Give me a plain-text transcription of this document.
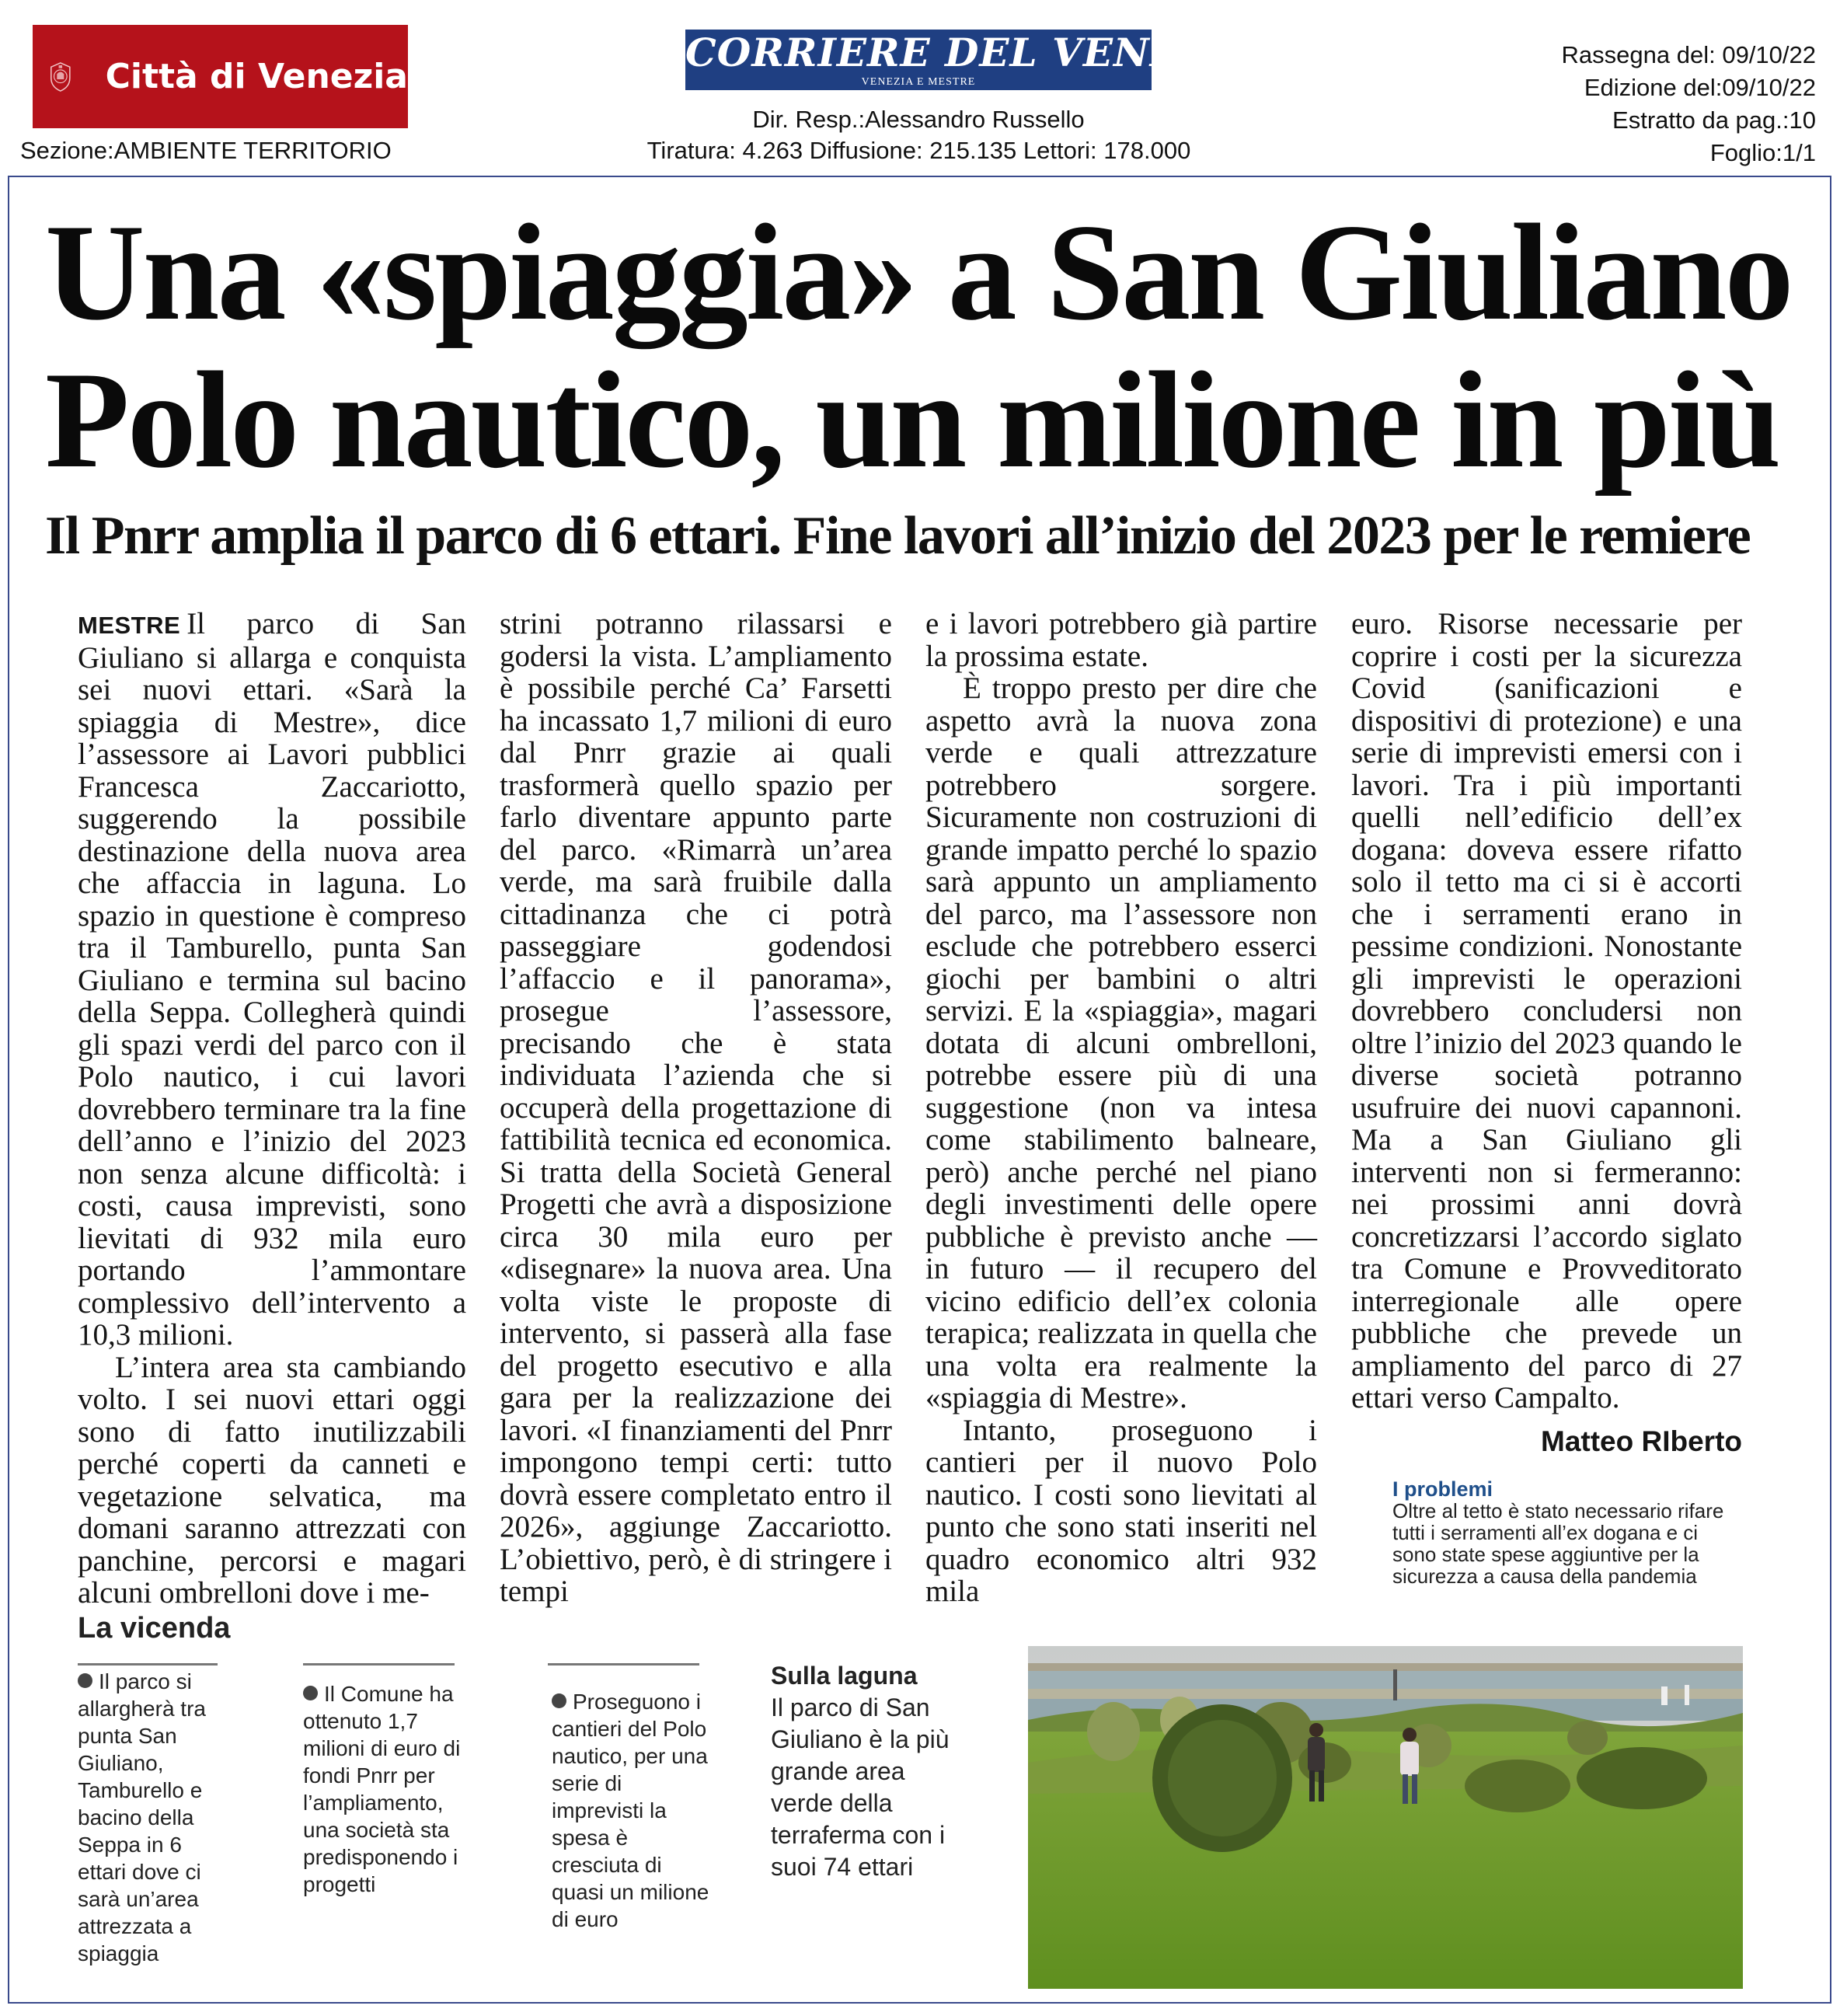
Città di Venezia
Sezione:AMBIENTE TERRITORIO
CORRIERE DEL VENETO
VENEZIA E MESTRE
Dir. Resp.:Alessandro Russello
Tiratura: 4.263 Diffusione: 215.135 Lettori: 178.000
Rassegna del: 09/10/22
Edizione del:09/10/22
Estratto da pag.:10
Foglio:1/1
Una «spiaggia» a San Giuliano
Polo nautico, un milione in più
Il Pnrr amplia il parco di 6 ettari. Fine lavori all’inizio del 2023 per le remiere

MESTRE Il parco di San Giuliano si allarga e conquista sei nuovi ettari. «Sarà la spiaggia di Mestre», dice l’assessore ai Lavori pubblici Francesca Zaccariotto, suggerendo la possibile destinazione della nuova area che affaccia in laguna. Lo spazio in questione è compreso tra il Tamburello, punta San Giuliano e termina sul bacino della Seppa. Collegherà quindi gli spazi verdi del parco con il Polo nautico, i cui lavori dovrebbero terminare tra la fine dell’anno e l’inizio del 2023 non senza alcune difficoltà: i costi, causa imprevisti, sono lievitati di 932 mila euro portando l’ammontare complessivo dell’intervento a 10,3 milioni.

L’intera area sta cambiando volto. I sei nuovi ettari oggi sono di fatto inutilizzabili perché coperti da canneti e vegetazione selvatica, ma domani saranno attrezzati con panchine, percorsi e magari alcuni ombrelloni dove i me-

strini potranno rilassarsi e godersi la vista. L’ampliamento è possibile perché Ca’ Farsetti ha incassato 1,7 milioni di euro dal Pnrr grazie ai quali trasformerà quello spazio per farlo diventare appunto parte del parco. «Rimarrà un’area verde, ma sarà fruibile dalla cittadinanza che ci potrà passeggiare godendosi l’affaccio e il panorama», prosegue l’assessore, precisando che è stata individuata l’azienda che si occuperà della progettazione di fattibilità tecnica ed economica. Si tratta della Società General Progetti che avrà a disposizione circa 30 mila euro per «disegnare» la nuova area. Una volta viste le proposte di intervento, si passerà alla fase del progetto esecutivo e alla gara per la realizzazione dei lavori. «I finanziamenti del Pnrr impongono tempi certi: tutto dovrà essere completato entro il 2026», aggiunge Zaccariotto. L’obiettivo, però, è di stringere i tempi

e i lavori potrebbero già partire la prossima estate.

È troppo presto per dire che aspetto avrà la nuova zona verde e quali attrezzature potrebbero sorgere. Sicuramente non costruzioni di grande impatto perché lo spazio sarà appunto un ampliamento del parco, ma l’assessore non esclude che potrebbero esserci giochi per bambini o altri servizi. E la «spiaggia», magari dotata di alcuni ombrelloni, potrebbe essere più di una suggestione (non va intesa come stabilimento balneare, però) anche perché nel piano degli investimenti delle opere pubbliche è previsto anche — in futuro — il recupero del vicino edificio dell’ex colonia terapica; realizzata in quella che una volta era realmente la «spiaggia di Mestre».

Intanto, proseguono i cantieri per il nuovo Polo nautico. I costi sono lievitati al punto che sono stati inseriti nel quadro economico altri 932 mila

euro. Risorse necessarie per coprire i costi per la sicurezza Covid (sanificazioni e dispositivi di protezione) e una serie di imprevisti emersi con i lavori. Tra i più importanti quelli nell’edificio dell’ex dogana: doveva essere rifatto solo il tetto ma ci si è accorti che i serramenti erano in pessime condizioni. Nonostante gli imprevisti le operazioni dovrebbero concludersi non oltre l’inizio del 2023 quando le diverse società potranno usufruire dei nuovi capannoni. Ma a San Giuliano gli interventi non si fermeranno: nei prossimi anni dovrà concretizzarsi l’accordo siglato tra Comune e Provveditorato interregionale alle opere pubbliche che prevede un ampliamento del parco di 27 ettari verso Campalto.

Matteo RIberto

I problemi

Oltre al tetto è stato necessario rifare tutti i serramenti all’ex dogana e ci sono state spese aggiuntive per la sicurezza a causa della pandemia

La vicenda
Il parco si allargherà tra punta San Giuliano, Tamburello e bacino della Seppa in 6 ettari dove ci sarà un’area attrezzata a spiaggia
Il Comune ha ottenuto 1,7 milioni di euro di fondi Pnrr per l’ampliamento, una società sta predisponendo i progetti
Proseguono i cantieri del Polo nautico, per una serie di imprevisti la spesa è cresciuta di quasi un milione di euro
Sulla laguna
Il parco di San Giuliano è la più grande area verde della terraferma con i suoi 74 ettari
